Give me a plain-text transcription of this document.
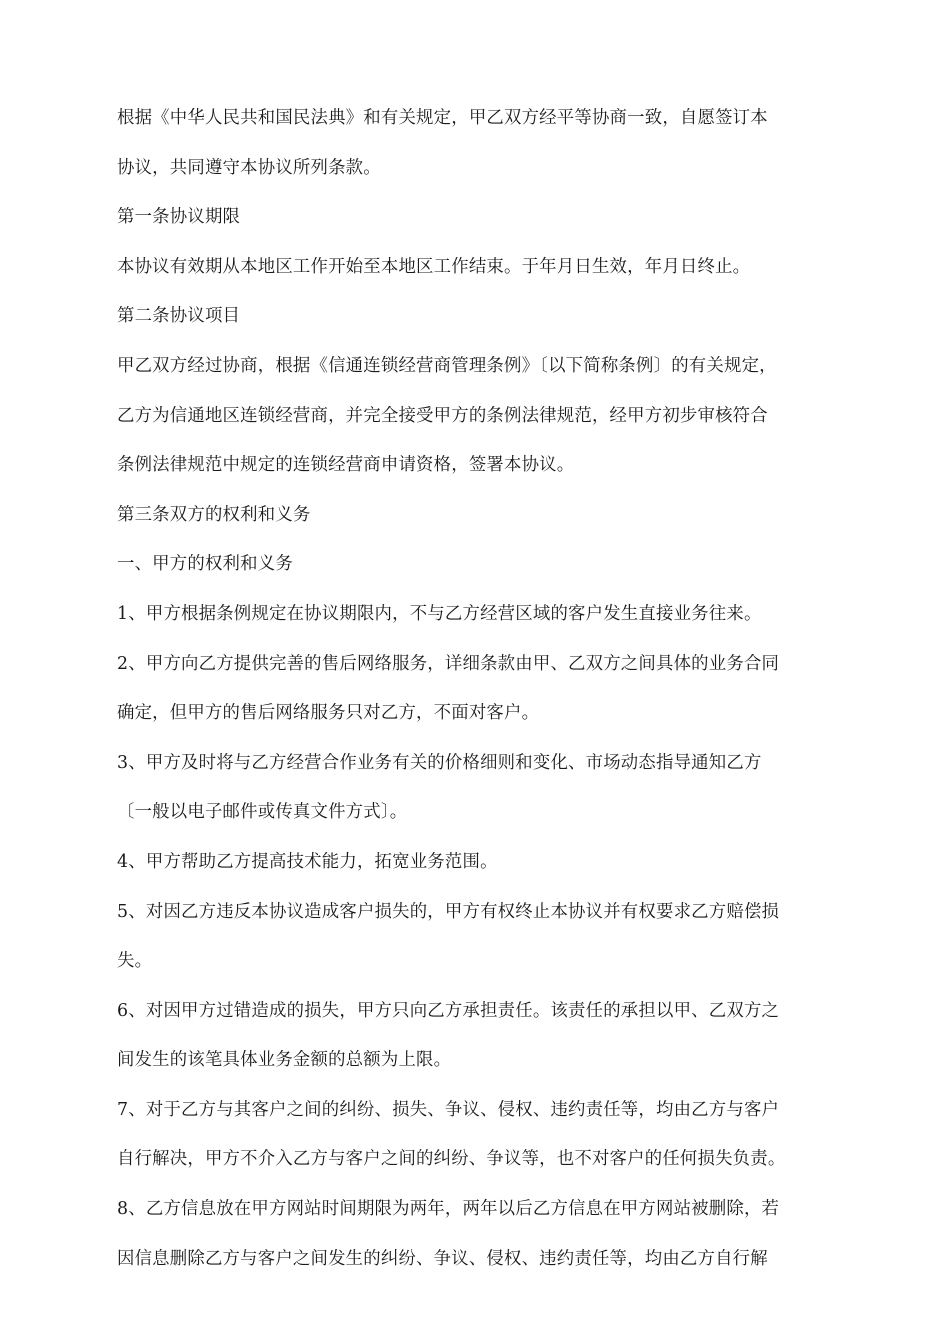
根据《中华人民共和国民法典》和有关规定，甲乙双方经平等协商一致，自愿签订本
协议，共同遵守本协议所列条款。
第一条协议期限
本协议有效期从本地区工作开始至本地区工作结束。于年月日生效，年月日终止。
第二条协议项目
甲乙双方经过协商，根据《信通连锁经营商管理条例》〔以下简称条例〕的有关规定，
乙方为信通地区连锁经营商，并完全接受甲方的条例法律规范，经甲方初步审核符合
条例法律规范中规定的连锁经营商申请资格，签署本协议。
第三条双方的权利和义务
一、甲方的权利和义务
1、甲方根据条例规定在协议期限内，不与乙方经营区域的客户发生直接业务往来。
2、甲方向乙方提供完善的售后网络服务，详细条款由甲、乙双方之间具体的业务合同
确定，但甲方的售后网络服务只对乙方，不面对客户。
3、甲方及时将与乙方经营合作业务有关的价格细则和变化、市场动态指导通知乙方
〔一般以电子邮件或传真文件方式〕。
4、甲方帮助乙方提高技术能力，拓宽业务范围。
5、对因乙方违反本协议造成客户损失的，甲方有权终止本协议并有权要求乙方赔偿损
失。
6、对因甲方过错造成的损失，甲方只向乙方承担责任。该责任的承担以甲、乙双方之
间发生的该笔具体业务金额的总额为上限。
7、对于乙方与其客户之间的纠纷、损失、争议、侵权、违约责任等，均由乙方与客户
自行解决，甲方不介入乙方与客户之间的纠纷、争议等，也不对客户的任何损失负责。
8、乙方信息放在甲方网站时间期限为两年，两年以后乙方信息在甲方网站被删除，若
因信息删除乙方与客户之间发生的纠纷、争议、侵权、违约责任等，均由乙方自行解
